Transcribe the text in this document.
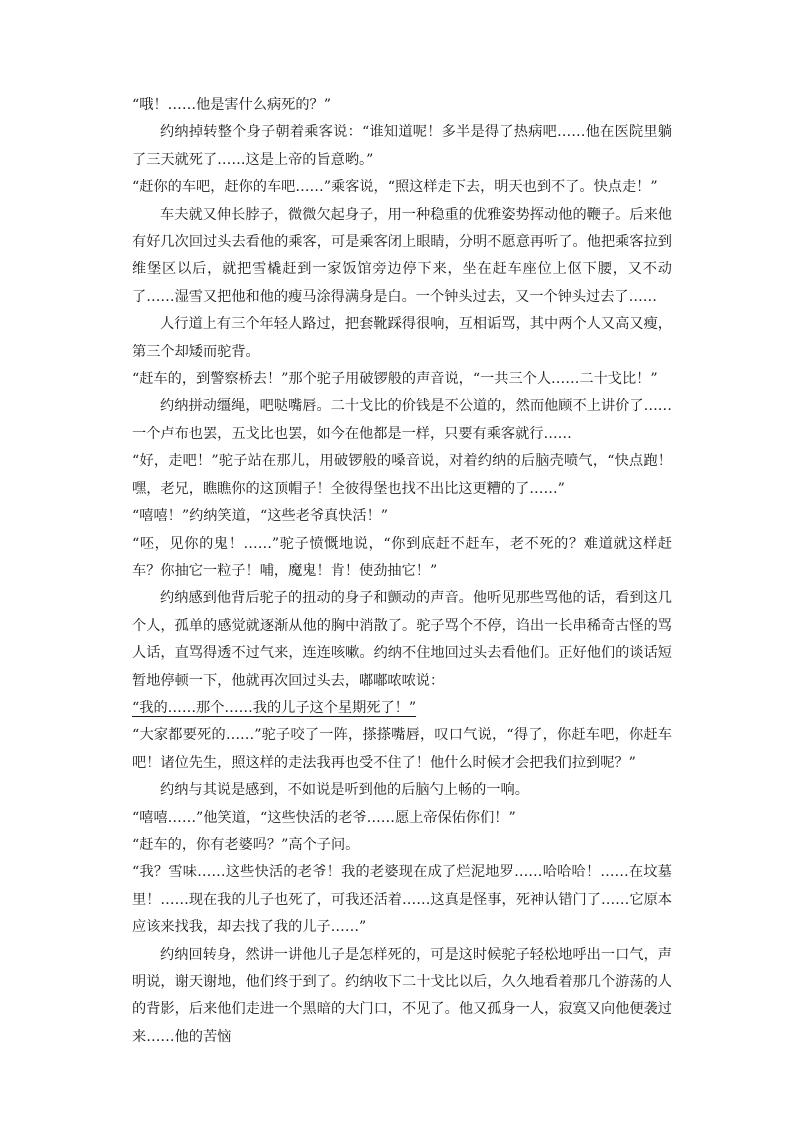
“哦！……他是害什么病死的？”

约纳掉转整个身子朝着乘客说：“谁知道呢！多半是得了热病吧……他在医院里躺了三天就死了……这是上帝的旨意哟。”

“赶你的车吧，赶你的车吧……”乘客说，“照这样走下去，明天也到不了。快点走！”

车夫就又伸长脖子，微微欠起身子，用一种稳重的优雅姿势挥动他的鞭子。后来他有好几次回过头去看他的乘客，可是乘客闭上眼睛，分明不愿意再听了。他把乘客拉到维堡区以后，就把雪橇赶到一家饭馆旁边停下来，坐在赶车座位上伛下腰，又不动了……湿雪又把他和他的瘦马涂得满身是白。一个钟头过去，又一个钟头过去了……

人行道上有三个年轻人路过，把套靴踩得很响，互相诟骂，其中两个人又高又瘦，第三个却矮而驼背。

“赶车的，到警察桥去！”那个驼子用破锣般的声音说，“一共三个人……二十戈比！”

约纳拼动缰绳，吧哒嘴唇。二十戈比的价钱是不公道的，然而他顾不上讲价了……一个卢布也罢，五戈比也罢，如今在他都是一样，只要有乘客就行……

“好，走吧！”驼子站在那儿，用破锣般的嗓音说，对着约纳的后脑壳喷气，“快点跑！嘿，老兄，瞧瞧你的这顶帽子！全彼得堡也找不出比这更糟的了……”

“嘻嘻！”约纳笑道，“这些老爷真快活！”

“呸，见你的鬼！……”驼子愤慨地说，“你到底赶不赶车，老不死的？难道就这样赶车？你抽它一粒子！哺，魔鬼！肯！使劲抽它！”

约纳感到他背后驼子的扭动的身子和颤动的声音。他听见那些骂他的话，看到这几个人，孤单的感觉就逐渐从他的胸中消散了。驼子骂个不停，诌出一长串稀奇古怪的骂人话，直骂得透不过气来，连连咳嗽。约纳不住地回过头去看他们。正好他们的谈话短暂地停顿一下，他就再次回过头去，嘟嘟哝哝说：

“我的……那个……我的儿子这个星期死了！”

“大家都要死的……”驼子咬了一阵，搽搽嘴唇，叹口气说，“得了，你赶车吧，你赶车吧！诸位先生，照这样的走法我再也受不住了！他什么时候才会把我们拉到呢？”

约纳与其说是感到，不如说是听到他的后脑勺上畅的一响。

“嘻嘻……”他笑道，“这些快活的老爷……愿上帝保佑你们！”

“赶车的，你有老婆吗？”高个子问。

“我？雪味……这些快活的老爷！我的老婆现在成了烂泥地罗……哈哈哈！……在坟墓里！……现在我的儿子也死了，可我还活着……这真是怪事，死神认错门了……它原本应该来找我，却去找了我的儿子……”

约纳回转身，然讲一讲他儿子是怎样死的，可是这时候驼子轻松地呼出一口气，声明说，谢天谢地，他们终于到了。约纳收下二十戈比以后，久久地看着那几个游荡的人的背影，后来他们走进一个黑暗的大门口，不见了。他又孤身一人，寂寞又向他便袭过来……他的苦恼
